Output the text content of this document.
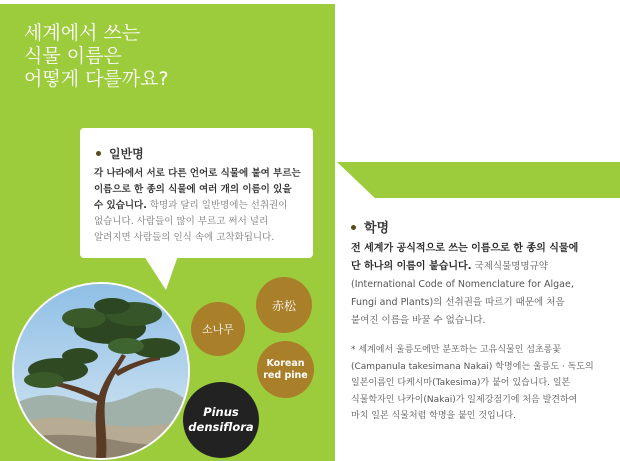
세계에서 쓰는
식물 이름은
어떻게 다를까요?
일반명
각 나라에서 서로 다른 언어로 식물에 붙여 부르는
이름으로 한 종의 식물에 여러 개의 이름이 있을
수 있습니다. 학명과 달리 일반명에는 선취권이
없습니다. 사람들이 많이 부르고 써서 널리
알려지면 사람들의 인식 속에 고착화됩니다.
학명
전 세계가 공식적으로 쓰는 이름으로 한 종의 식물에
단 하나의 이름이 붙습니다. 국제식물명명규약
(International Code of Nomenclature for Algae,
Fungi and Plants)의 선취권을 따르기 때문에 처음
붙여진 이름을 바꿀 수 없습니다.
* 세계에서 울릉도에만 분포하는 고유식물인 섬초롱꽃
(Campanula takesimana Nakai) 학명에는 울릉도 · 독도의
일본이름인 다케시마(Takesima)가 붙어 있습니다. 일본
식물학자인 나카이(Nakai)가 일제강점기에 처음 발견하여
마치 일본 식물처럼 학명을 붙인 것입니다.
소나무
赤松
Korean
red pine
Pinus
densiflora
